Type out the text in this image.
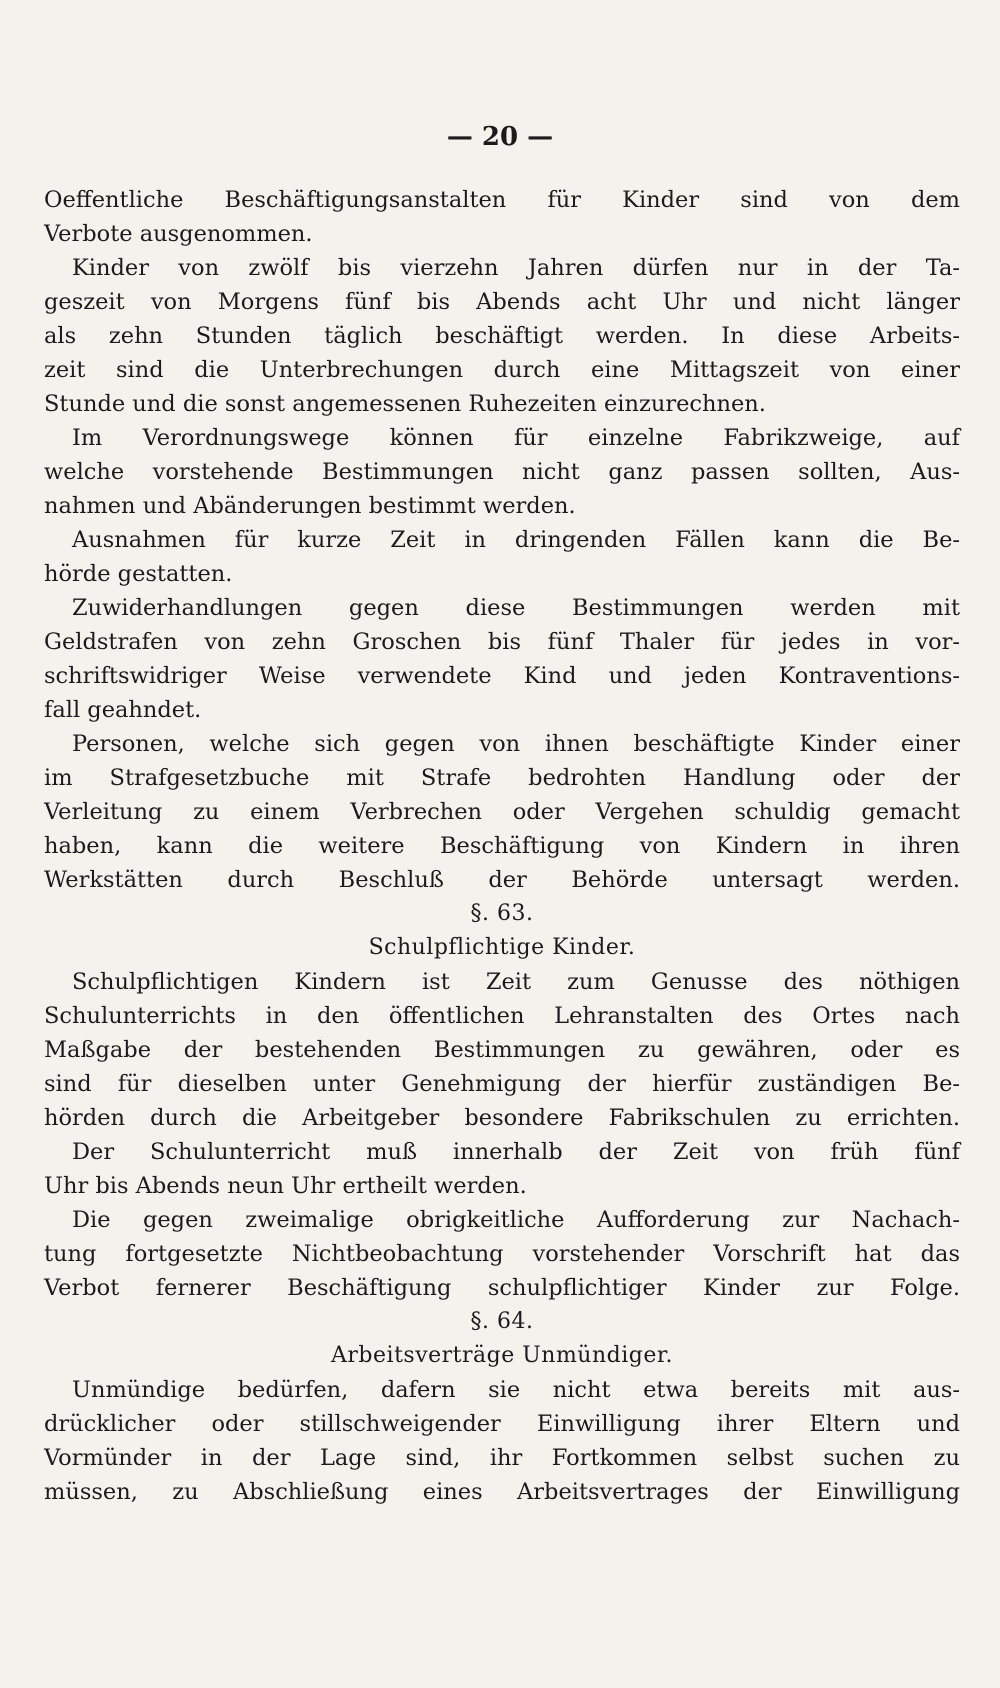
— 20 —
Oeffentliche Beschäftigungsanstalten für Kinder sind von dem
Verbote ausgenommen.
Kinder von zwölf bis vierzehn Jahren dürfen nur in der Ta-
geszeit von Morgens fünf bis Abends acht Uhr und nicht länger
als zehn Stunden täglich beschäftigt werden. In diese Arbeits-
zeit sind die Unterbrechungen durch eine Mittagszeit von einer
Stunde und die sonst angemessenen Ruhezeiten einzurechnen.
Im Verordnungswege können für einzelne Fabrikzweige, auf
welche vorstehende Bestimmungen nicht ganz passen sollten, Aus-
nahmen und Abänderungen bestimmt werden.
Ausnahmen für kurze Zeit in dringenden Fällen kann die Be-
hörde gestatten.
Zuwiderhandlungen gegen diese Bestimmungen werden mit
Geldstrafen von zehn Groschen bis fünf Thaler für jedes in vor-
schriftswidriger Weise verwendete Kind und jeden Kontraventions-
fall geahndet.
Personen, welche sich gegen von ihnen beschäftigte Kinder einer
im Strafgesetzbuche mit Strafe bedrohten Handlung oder der
Verleitung zu einem Verbrechen oder Vergehen schuldig gemacht
haben, kann die weitere Beschäftigung von Kindern in ihren
Werkstätten durch Beschluß der Behörde untersagt werden.
§. 63.
Schulpflichtige Kinder.
Schulpflichtigen Kindern ist Zeit zum Genusse des nöthigen
Schulunterrichts in den öffentlichen Lehranstalten des Ortes nach
Maßgabe der bestehenden Bestimmungen zu gewähren, oder es
sind für dieselben unter Genehmigung der hierfür zuständigen Be-
hörden durch die Arbeitgeber besondere Fabrikschulen zu errichten.
Der Schulunterricht muß innerhalb der Zeit von früh fünf
Uhr bis Abends neun Uhr ertheilt werden.
Die gegen zweimalige obrigkeitliche Aufforderung zur Nachach-
tung fortgesetzte Nichtbeobachtung vorstehender Vorschrift hat das
Verbot fernerer Beschäftigung schulpflichtiger Kinder zur Folge.
§. 64.
Arbeitsverträge Unmündiger.
Unmündige bedürfen, dafern sie nicht etwa bereits mit aus-
drücklicher oder stillschweigender Einwilligung ihrer Eltern und
Vormünder in der Lage sind, ihr Fortkommen selbst suchen zu
müssen, zu Abschließung eines Arbeitsvertrages der Einwilligung
